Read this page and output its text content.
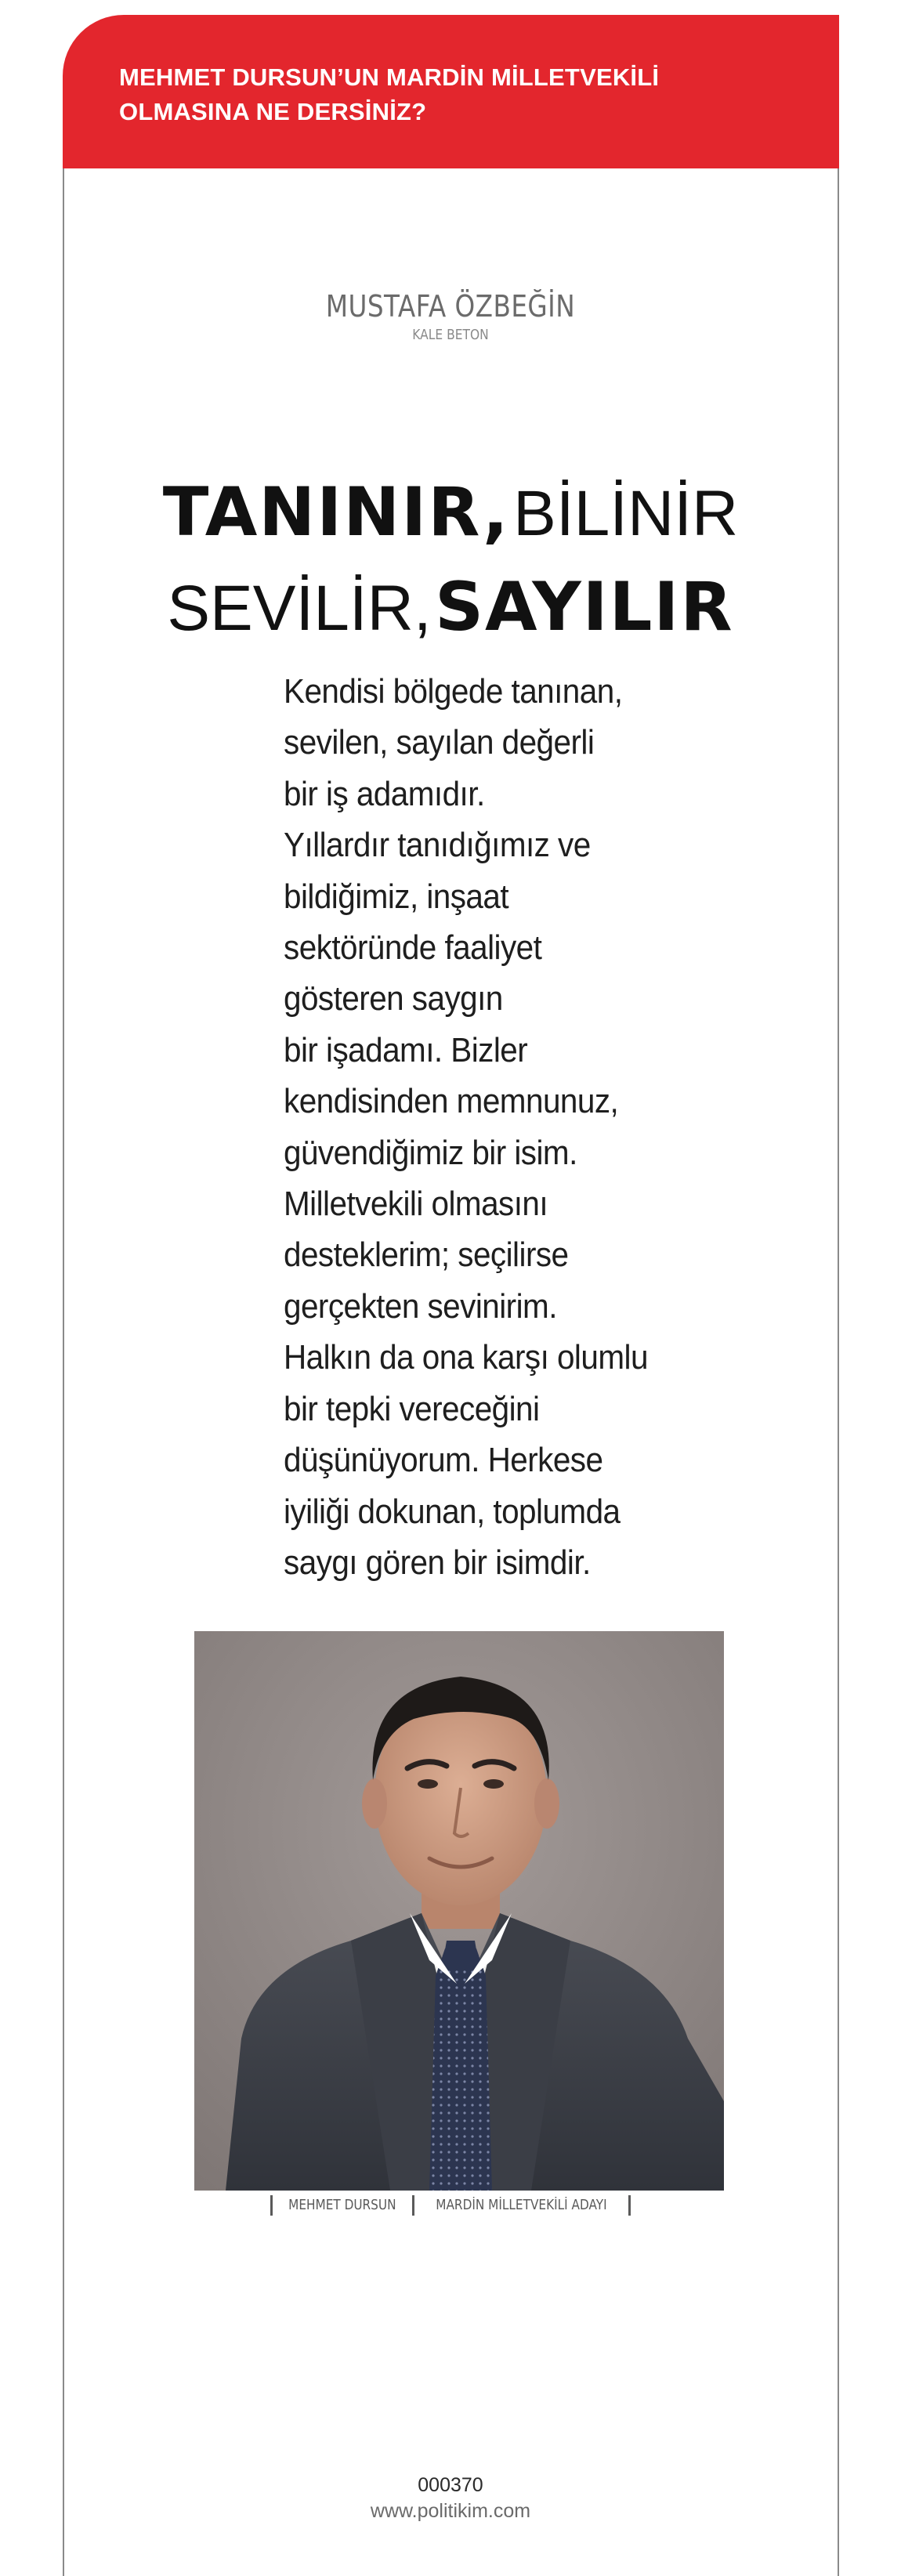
MEHMET DURSUN’UN MARDİN MİLLETVEKİLİ
OLMASINA NE DERSİNİZ?

MUSTAFA ÖZBEĞİN
KALE BETON
TANINIR, BİLİNİR
SEVİLİR, SAYILIR
Kendisi bölgede tanınan,
sevilen, sayılan değerli
bir iş adamıdır.
Yıllardır tanıdığımız ve
bildiğimiz, inşaat
sektöründe faaliyet
gösteren saygın
bir işadamı. Bizler
kendisinden memnunuz,
güvendiğimiz bir isim.
Milletvekili olmasını
desteklerim; seçilirse
gerçekten sevinirim.
Halkın da ona karşı olumlu
bir tepki vereceğini
düşünüyorum. Herkese
iyiliği dokunan, toplumda
saygı gören bir isimdir.
MEHMET DURSUN	MARDİN MİLLETVEKİLİ ADAYI
000370
www.politikim.com
